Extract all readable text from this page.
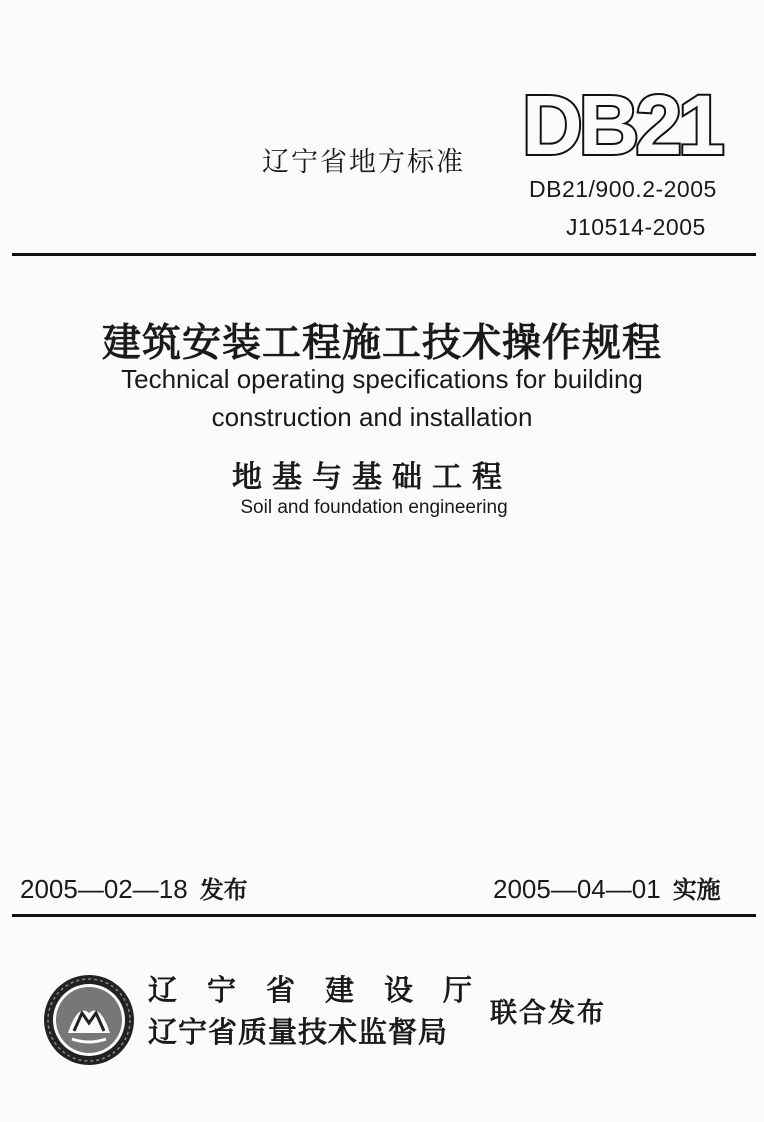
辽宁省地方标准 DB21
DB21/900.2-2005
J10514-2005
建筑安装工程施工技术操作规程
Technical operating specifications for building
construction and installation
地基与基础工程
Soil and foundation engineering
2005—02—18 发布	2005—04—01 实施
辽宁省建设厅
辽宁省质量技术监督局
联合发布
